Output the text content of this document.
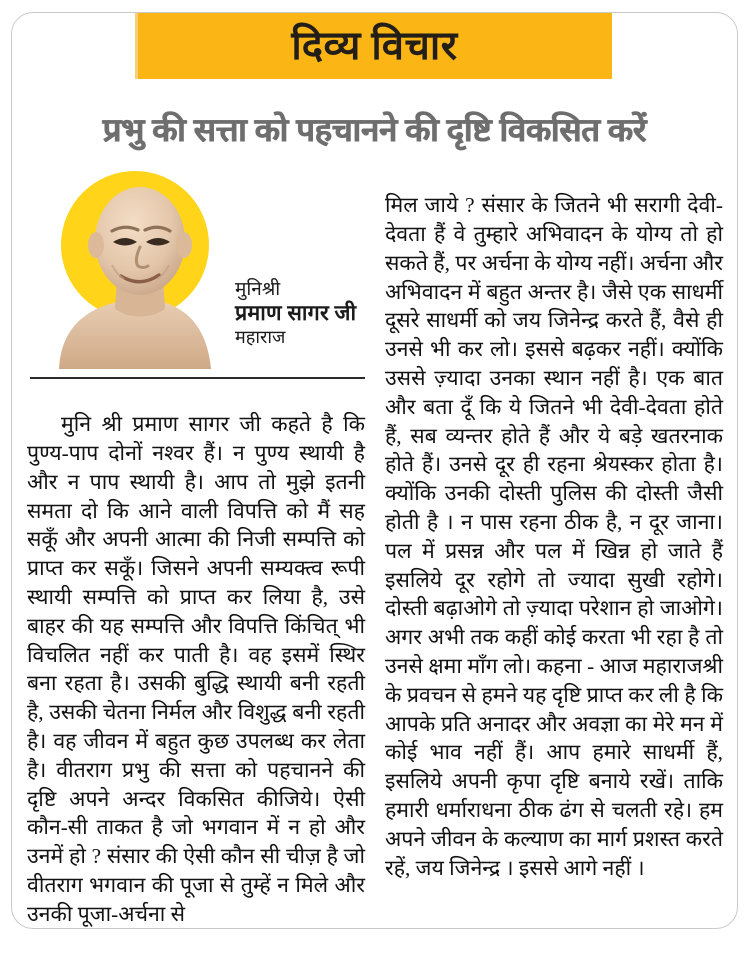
दिव्य विचार
प्रभु की सत्ता को पहचानने की दृष्टि विकसित करें
मुनिश्री
प्रमाण सागर जी
महाराज

मुनि श्री प्रमाण सागर जी कहते है कि पुण्य-पाप दोनों नश्वर हैं। न पुण्य स्थायी है और न पाप स्थायी है। आप तो मुझे इतनी समता दो कि आने वाली विपत्ति को मैं सह सकूँ और अपनी आत्मा की निजी सम्पत्ति को प्राप्त कर सकूँ। जिसने अपनी सम्यक्त्व रूपी स्थायी सम्पत्ति को प्राप्त कर लिया है, उसे बाहर की यह सम्पत्ति और विपत्ति किंचित् भी विचलित नहीं कर पाती है। वह इसमें स्थिर बना रहता है। उसकी बुद्धि स्थायी बनी रहती है, उसकी चेतना निर्मल और विशुद्ध बनी रहती है। वह जीवन में बहुत कुछ उपलब्ध कर लेता है। वीतराग प्रभु की सत्ता को पहचानने की दृष्टि अपने अन्दर विकसित कीजिये। ऐसी कौन-सी ताकत है जो भगवान में न हो और उनमें हो ? संसार की ऐसी कौन सी चीज़ है जो वीतराग भगवान की पूजा से तुम्हें न मिले और उनकी पूजा-अर्चना से

मिल जाये ? संसार के जितने भी सरागी देवी-देवता हैं वे तुम्हारे अभिवादन के योग्य तो हो सकते हैं, पर अर्चना के योग्य नहीं। अर्चना और अभिवादन में बहुत अन्तर है। जैसे एक साधर्मी दूसरे साधर्मी को जय जिनेन्द्र करते हैं, वैसे ही उनसे भी कर लो। इससे बढ़कर नहीं। क्योंकि उससे ज़्यादा उनका स्थान नहीं है। एक बात और बता दूँ कि ये जितने भी देवी-देवता होते हैं, सब व्यन्तर होते हैं और ये बड़े खतरनाक होते हैं। उनसे दूर ही रहना श्रेयस्कर होता है। क्योंकि उनकी दोस्ती पुलिस की दोस्ती जैसी होती है । न पास रहना ठीक है, न दूर जाना। पल में प्रसन्न और पल में खिन्न हो जाते हैं इसलिये दूर रहोगे तो ज्यादा सुखी रहोगे। दोस्ती बढ़ाओगे तो ज़्यादा परेशान हो जाओगे। अगर अभी तक कहीं कोई करता भी रहा है तो उनसे क्षमा माँग लो। कहना - आज महाराजश्री के प्रवचन से हमने यह दृष्टि प्राप्त कर ली है कि आपके प्रति अनादर और अवज्ञा का मेरे मन में कोई भाव नहीं हैं। आप हमारे साधर्मी हैं, इसलिये अपनी कृपा दृष्टि बनाये रखें। ताकि हमारी धर्माराधना ठीक ढंग से चलती रहे। हम अपने जीवन के कल्याण का मार्ग प्रशस्त करते रहें, जय जिनेन्द्र । इससे आगे नहीं ।
